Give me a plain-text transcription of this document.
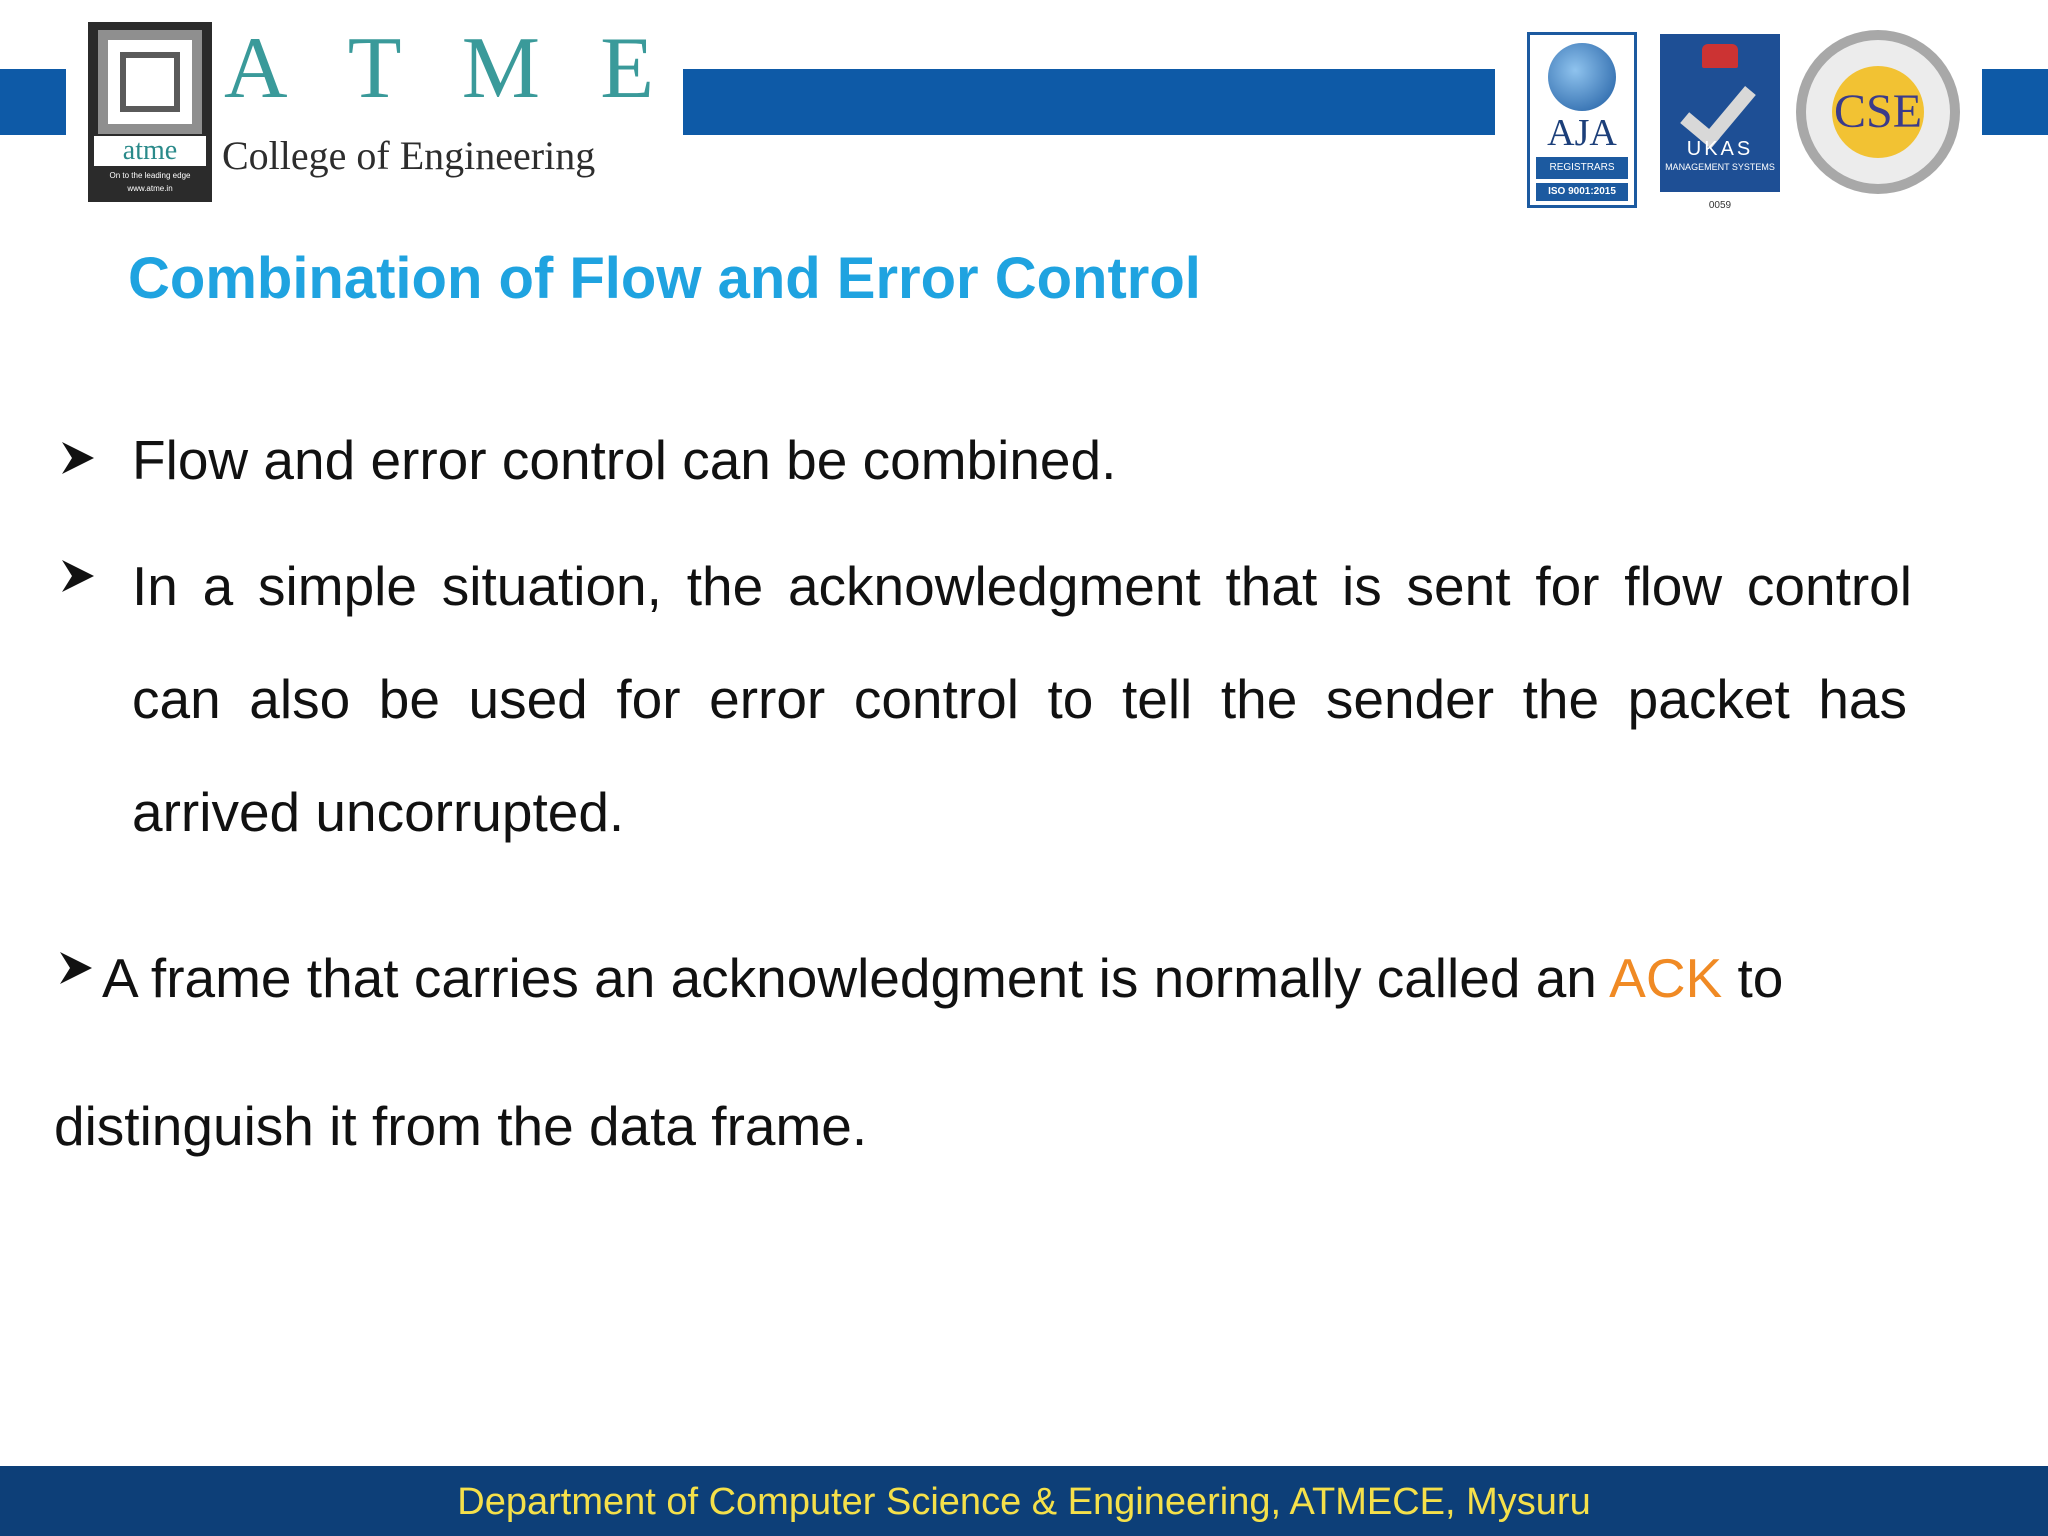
atme
On to the leading edge
www.atme.in
A T M E
College of Engineering	AJA
REGISTRARS
ISO 9001:2015
UKAS
MANAGEMENT SYSTEMS
0059
CSE
Combination of Flow and Error Control
Flow and error control can be combined.
In a simple situation, the acknowledgment that is sent for flow control
can also be used for error control to tell the sender the packet has
arrived uncorrupted.
A frame that carries an acknowledgment is normally called an ACK to
distinguish it from the data frame.
Department of Computer Science & Engineering, ATMECE, Mysuru
